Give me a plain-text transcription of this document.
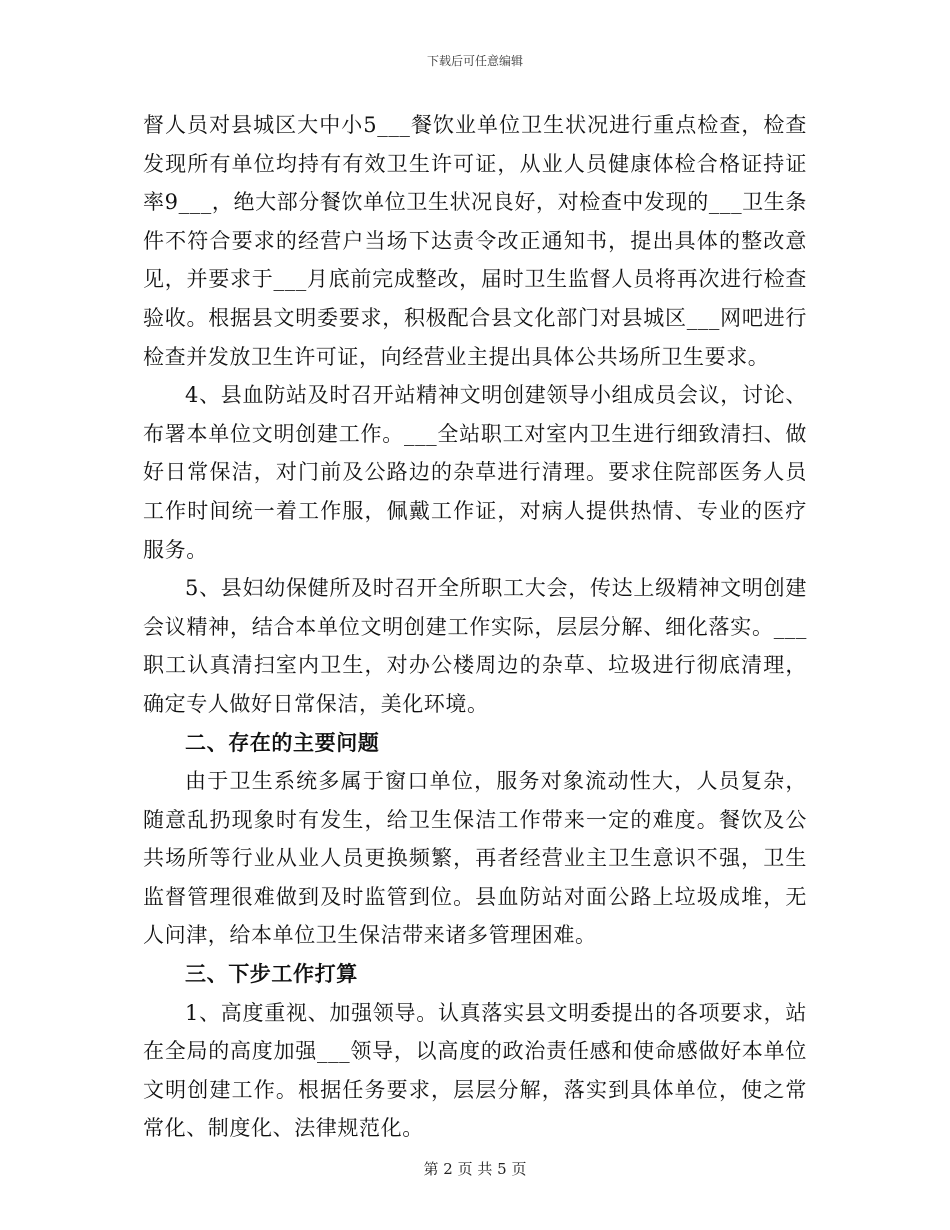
下载后可任意编辑

督人员对县城区大中小5___餐饮业单位卫生状况进行重点检查，检查发现所有单位均持有有效卫生许可证，从业人员健康体检合格证持证率9___，绝大部分餐饮单位卫生状况良好，对检查中发现的___卫生条件不符合要求的经营户当场下达责令改正通知书，提出具体的整改意见，并要求于___月底前完成整改，届时卫生监督人员将再次进行检查验收。根据县文明委要求，积极配合县文化部门对县城区___网吧进行检查并发放卫生许可证，向经营业主提出具体公共场所卫生要求。

4、县血防站及时召开站精神文明创建领导小组成员会议，讨论、布署本单位文明创建工作。___全站职工对室内卫生进行细致清扫、做好日常保洁，对门前及公路边的杂草进行清理。要求住院部医务人员工作时间统一着工作服，佩戴工作证，对病人提供热情、专业的医疗服务。

5、县妇幼保健所及时召开全所职工大会，传达上级精神文明创建会议精神，结合本单位文明创建工作实际，层层分解、细化落实。___职工认真清扫室内卫生，对办公楼周边的杂草、垃圾进行彻底清理，确定专人做好日常保洁，美化环境。

二、存在的主要问题

由于卫生系统多属于窗口单位，服务对象流动性大，人员复杂，随意乱扔现象时有发生，给卫生保洁工作带来一定的难度。餐饮及公共场所等行业从业人员更换频繁，再者经营业主卫生意识不强，卫生监督管理很难做到及时监管到位。县血防站对面公路上垃圾成堆，无人问津，给本单位卫生保洁带来诸多管理困难。

三、下步工作打算

1、高度重视、加强领导。认真落实县文明委提出的各项要求，站在全局的高度加强___领导，以高度的政治责任感和使命感做好本单位文明创建工作。根据任务要求，层层分解，落实到具体单位，使之常常化、制度化、法律规范化。

第 2 页 共 5 页
